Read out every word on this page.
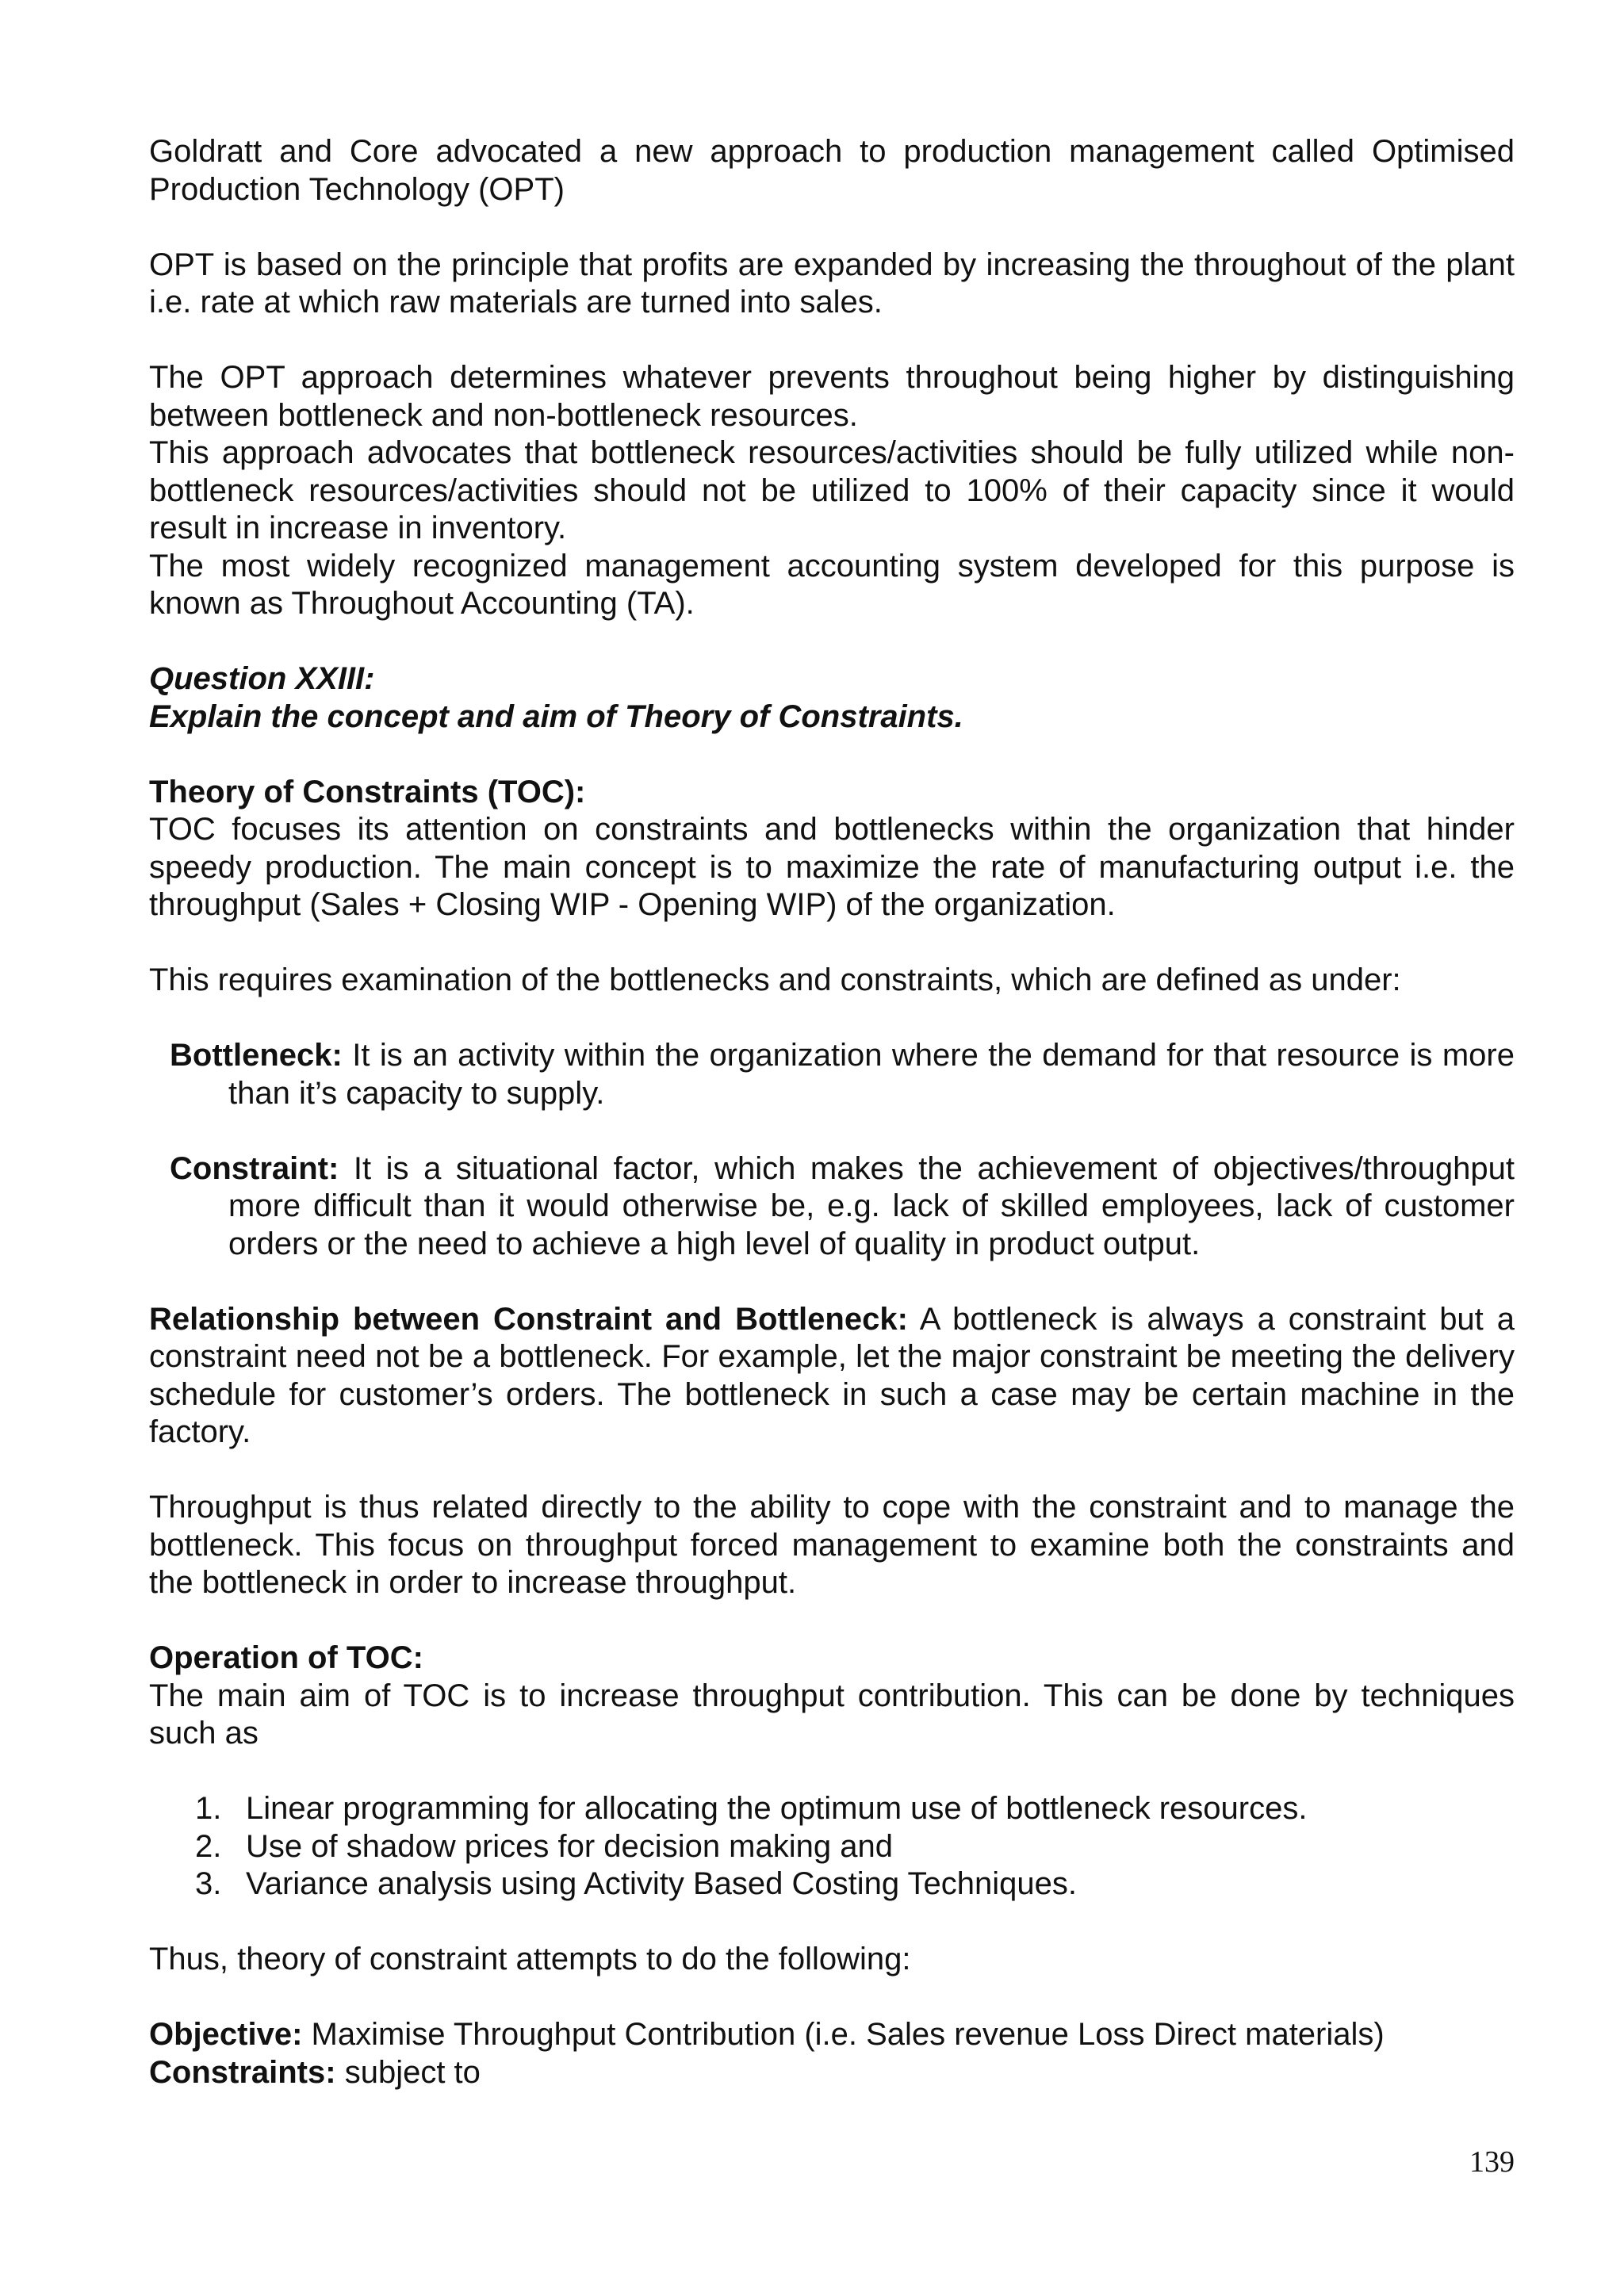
Goldratt and Core advocated a new approach to production management called Optimised Production Technology (OPT)

OPT is based on the principle that profits are expanded by increasing the throughout of the plant i.e. rate at which raw materials are turned into sales.

The OPT approach determines whatever prevents throughout being higher by distinguishing between bottleneck and non-bottleneck resources.

This approach advocates that bottleneck resources/activities should be fully utilized while non-bottleneck resources/activities should not be utilized to 100% of their capacity since it would result in increase in inventory.

The most widely recognized management accounting system developed for this purpose is known as Throughout Accounting (TA).

Question XXIII:

Explain the concept and aim of Theory of Constraints.

Theory of Constraints (TOC):

TOC focuses its attention on constraints and bottlenecks within the organization that hinder speedy production. The main concept is to maximize the rate of manufacturing output i.e. the throughput (Sales + Closing WIP - Opening WIP) of the organization.

This requires examination of the bottlenecks and constraints, which are defined as under:

Bottleneck: It is an activity within the organization where the demand for that resource is more than it’s capacity to supply.

Constraint: It is a situational factor, which makes the achievement of objectives/throughput more difficult than it would otherwise be, e.g. lack of skilled employees, lack of customer orders or the need to achieve a high level of quality in product output.

Relationship between Constraint and Bottleneck: A bottleneck is always a constraint but a constraint need not be a bottleneck. For example, let the major constraint be meeting the delivery schedule for customer’s orders. The bottleneck in such a case may be certain machine in the factory.

Throughput is thus related directly to the ability to cope with the constraint and to manage the bottleneck. This focus on throughput forced management to examine both the constraints and the bottleneck in order to increase throughput.

Operation of TOC:

The main aim of TOC is to increase throughput contribution. This can be done by techniques such as

1. Linear programming for allocating the optimum use of bottleneck resources.
2. Use of shadow prices for decision making and
3. Variance analysis using Activity Based Costing Techniques.

Thus, theory of constraint attempts to do the following:

Objective: Maximise Throughput Contribution (i.e. Sales revenue Loss Direct materials)

Constraints: subject to

139
